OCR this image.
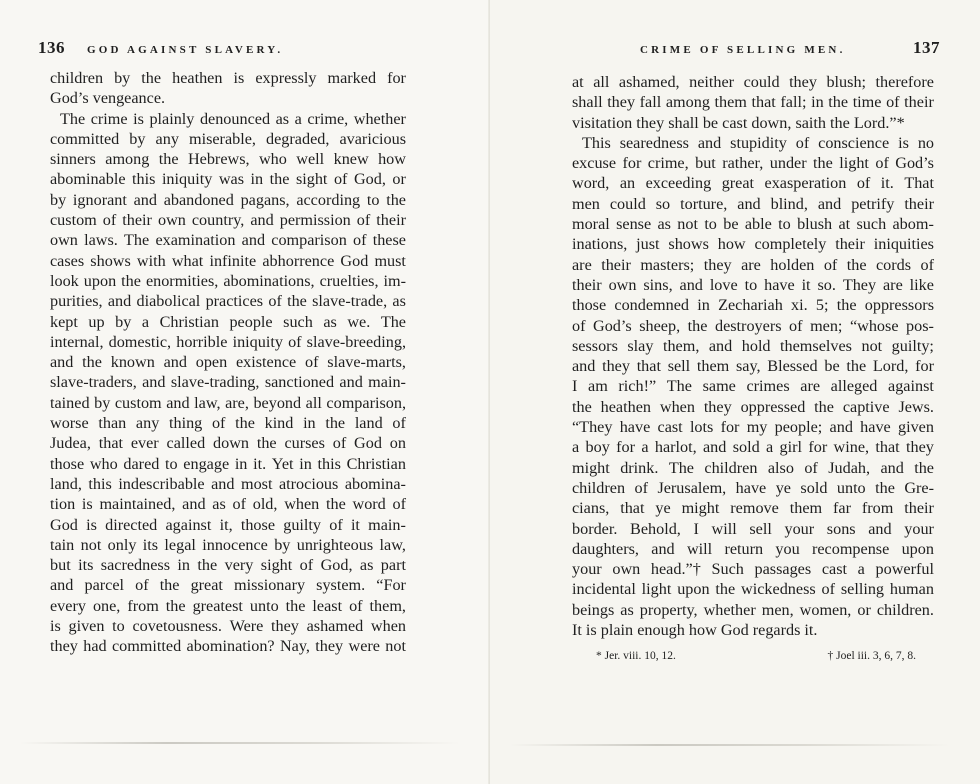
136 GOD AGAINST SLAVERY.
children by the heathen is expressly marked for
God’s vengeance.
The crime is plainly denounced as a crime, whether
committed by any miserable, degraded, avaricious
sinners among the Hebrews, who well knew how
abominable this iniquity was in the sight of God, or
by ignorant and abandoned pagans, according to the
custom of their own country, and permission of their
own laws. The examination and comparison of these
cases shows with what infinite abhorrence God must
look upon the enormities, abominations, cruelties, im-
purities, and diabolical practices of the slave-trade, as
kept up by a Christian people such as we. The
internal, domestic, horrible iniquity of slave-breeding,
and the known and open existence of slave-marts,
slave-traders, and slave-trading, sanctioned and main-
tained by custom and law, are, beyond all comparison,
worse than any thing of the kind in the land of
Judea, that ever called down the curses of God on
those who dared to engage in it. Yet in this Christian
land, this indescribable and most atrocious abomina-
tion is maintained, and as of old, when the word of
God is directed against it, those guilty of it main-
tain not only its legal innocence by unrighteous law,
but its sacredness in the very sight of God, as part
and parcel of the great missionary system. “For
every one, from the greatest unto the least of them,
is given to covetousness. Were they ashamed when
they had committed abomination? Nay, they were not
CRIME OF SELLING MEN.	137
at all ashamed, neither could they blush; therefore
shall they fall among them that fall; in the time of their
visitation they shall be cast down, saith the Lord.”*
This searedness and stupidity of conscience is no
excuse for crime, but rather, under the light of God’s
word, an exceeding great exasperation of it. That
men could so torture, and blind, and petrify their
moral sense as not to be able to blush at such abom-
inations, just shows how completely their iniquities
are their masters; they are holden of the cords of
their own sins, and love to have it so. They are like
those condemned in Zechariah xi. 5; the oppressors
of God’s sheep, the destroyers of men; “whose pos-
sessors slay them, and hold themselves not guilty;
and they that sell them say, Blessed be the Lord, for
I am rich!” The same crimes are alleged against
the heathen when they oppressed the captive Jews.
“They have cast lots for my people; and have given
a boy for a harlot, and sold a girl for wine, that they
might drink. The children also of Judah, and the
children of Jerusalem, have ye sold unto the Gre-
cians, that ye might remove them far from their
border. Behold, I will sell your sons and your
daughters, and will return you recompense upon
your own head.”† Such passages cast a powerful
incidental light upon the wickedness of selling human
beings as property, whether men, women, or children.
It is plain enough how God regards it.
* Jer. viii. 10, 12.	† Joel iii. 3, 6, 7, 8.
